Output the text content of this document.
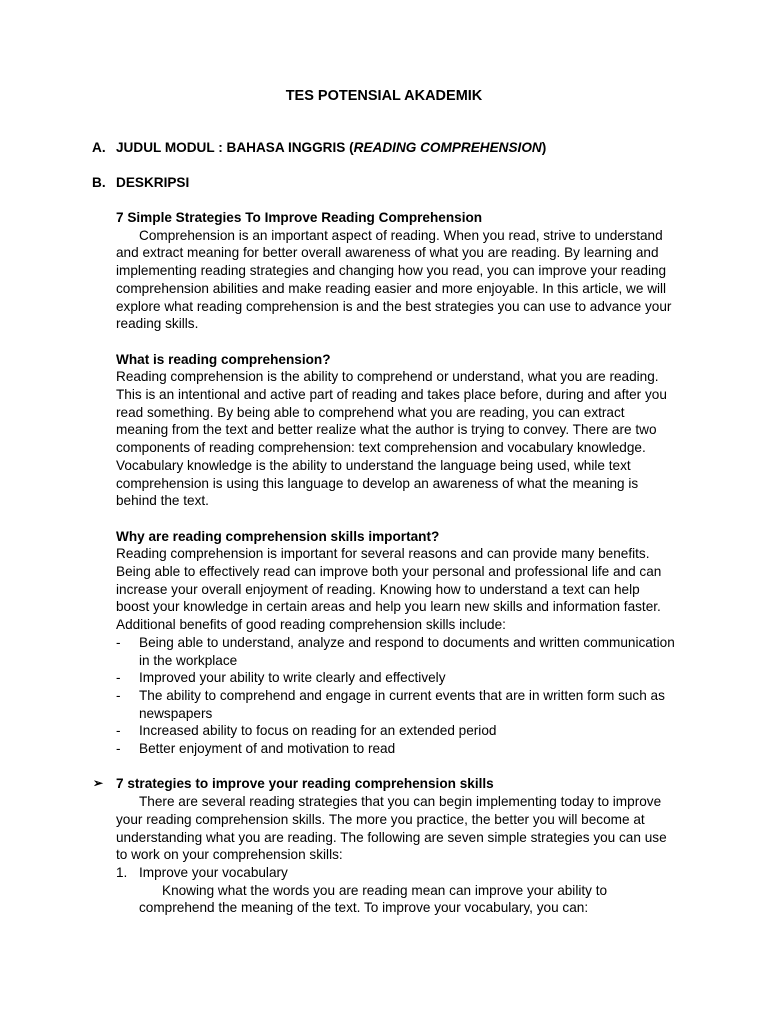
TES POTENSIAL AKADEMIK
A. JUDUL MODUL : BAHASA INGGRIS (READING COMPREHENSION)
B. DESKRIPSI

7 Simple Strategies To Improve Reading Comprehension

Comprehension is an important aspect of reading. When you read, strive to understand and extract meaning for better overall awareness of what you are reading. By learning and implementing reading strategies and changing how you read, you can improve your reading comprehension abilities and make reading easier and more enjoyable. In this article, we will explore what reading comprehension is and the best strategies you can use to advance your reading skills.

What is reading comprehension?

Reading comprehension is the ability to comprehend or understand, what you are reading. This is an intentional and active part of reading and takes place before, during and after you read something. By being able to comprehend what you are reading, you can extract meaning from the text and better realize what the author is trying to convey. There are two components of reading comprehension: text comprehension and vocabulary knowledge. Vocabulary knowledge is the ability to understand the language being used, while text comprehension is using this language to develop an awareness of what the meaning is behind the text.

Why are reading comprehension skills important?

Reading comprehension is important for several reasons and can provide many benefits. Being able to effectively read can improve both your personal and professional life and can increase your overall enjoyment of reading. Knowing how to understand a text can help boost your knowledge in certain areas and help you learn new skills and information faster.

Additional benefits of good reading comprehension skills include:

- Being able to understand, analyze and respond to documents and written communication in the workplace
- Improved your ability to write clearly and effectively
- The ability to comprehend and engage in current events that are in written form such as newspapers
- Increased ability to focus on reading for an extended period
- Better enjoyment of and motivation to read

➢ 7 strategies to improve your reading comprehension skills

There are several reading strategies that you can begin implementing today to improve your reading comprehension skills. The more you practice, the better you will become at understanding what you are reading. The following are seven simple strategies you can use to work on your comprehension skills:

1. Improve your vocabulary

Knowing what the words you are reading mean can improve your ability to comprehend the meaning of the text. To improve your vocabulary, you can:
